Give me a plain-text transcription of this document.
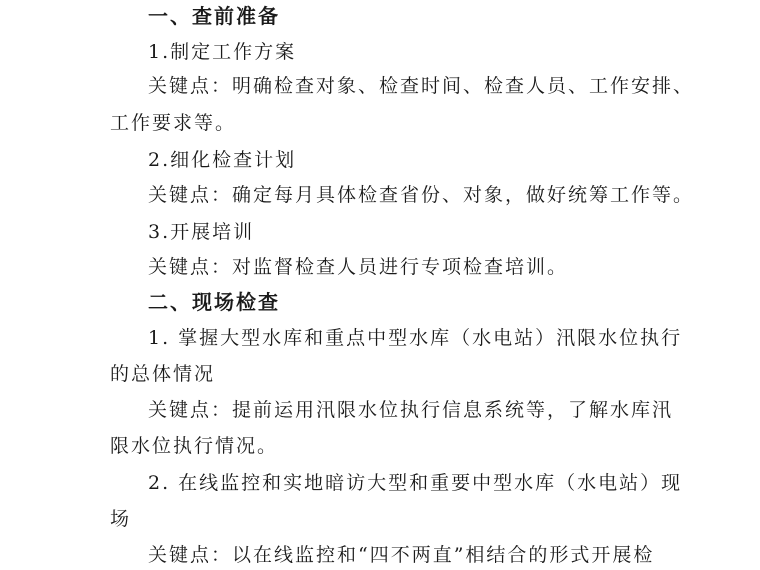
一、查前准备
1.制定工作方案
关键点：明确检查对象、检查时间、检查人员、工作安排、
工作要求等。
2.细化检查计划
关键点：确定每月具体检查省份、对象，做好统筹工作等。
3.开展培训
关键点：对监督检查人员进行专项检查培训。
二、现场检查
1. 掌握大型水库和重点中型水库（水电站）汛限水位执行
的总体情况
关键点：提前运用汛限水位执行信息系统等，了解水库汛
限水位执行情况。
2. 在线监控和实地暗访大型和重要中型水库（水电站）现
场
关键点：以在线监控和“四不两直”相结合的形式开展检
